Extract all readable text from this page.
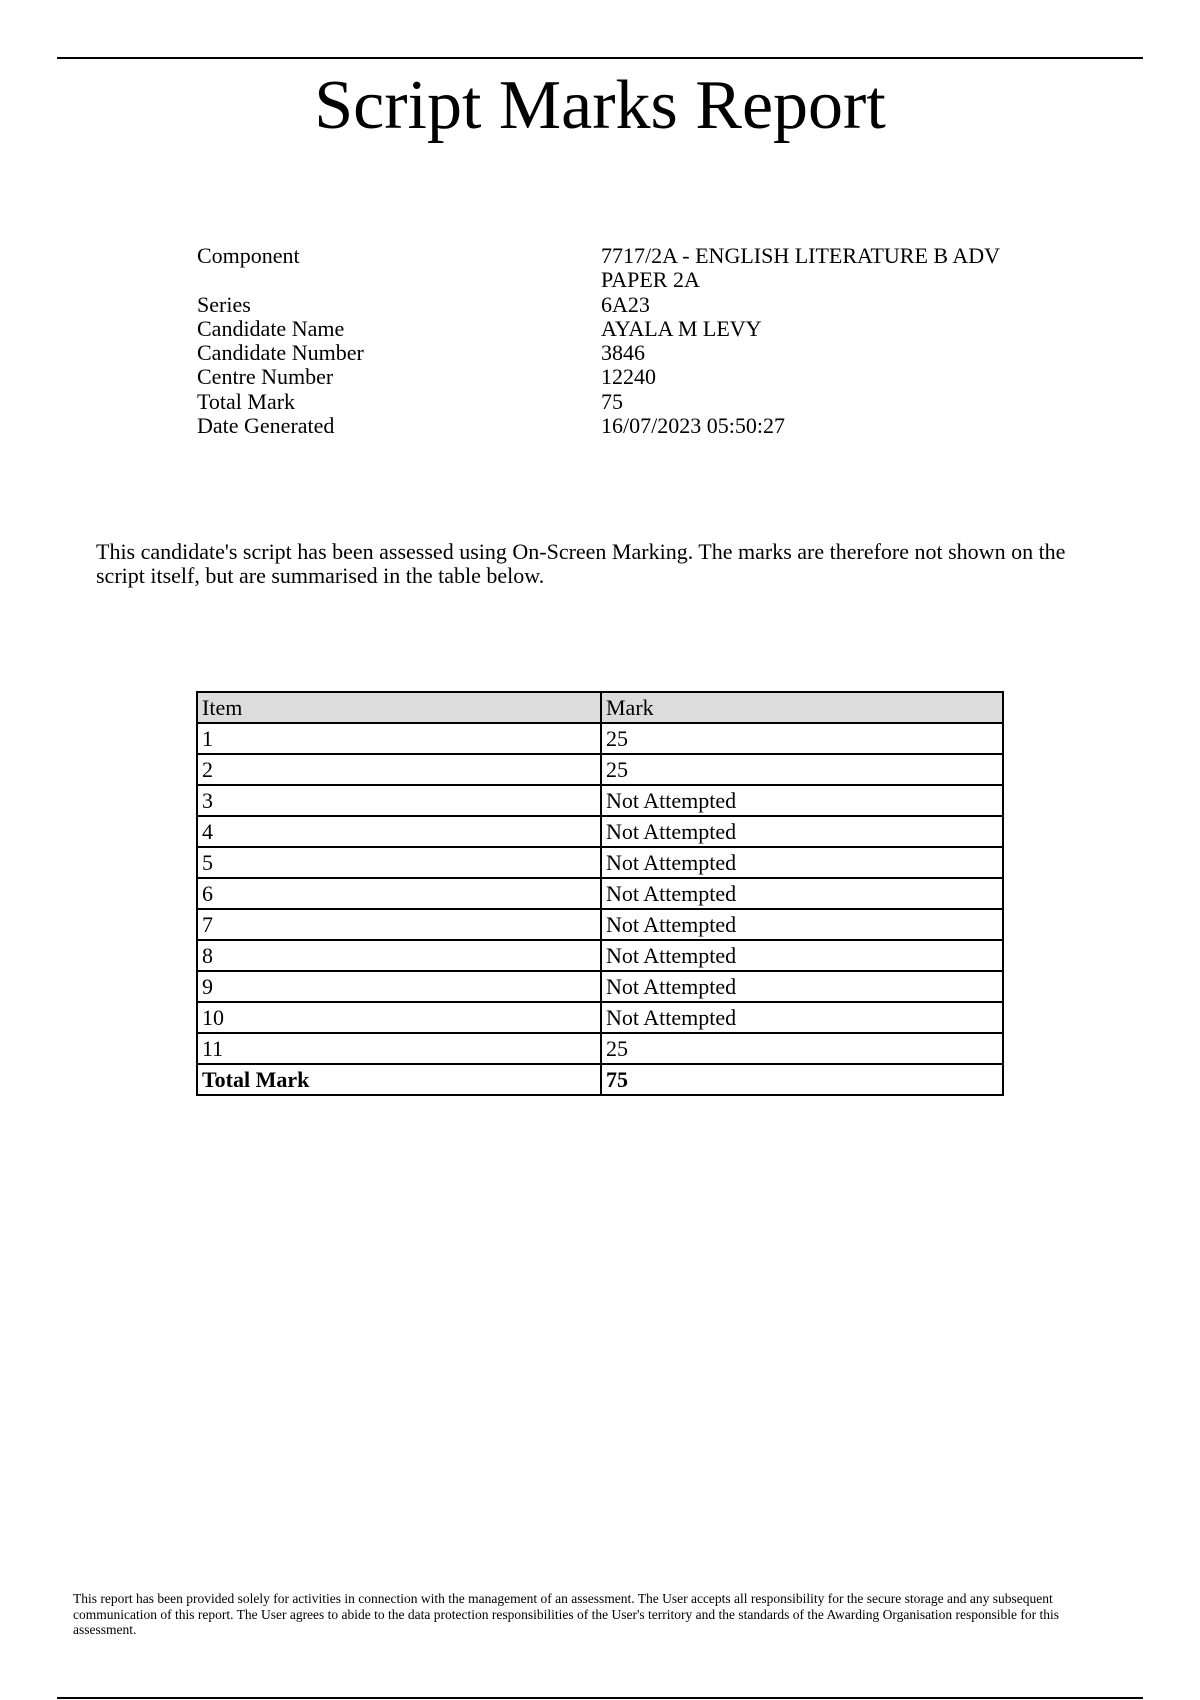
Script Marks Report
Component	7717/2A - ENGLISH LITERATURE B ADV PAPER 2A
Series	6A23
Candidate Name	AYALA M LEVY
Candidate Number	3846
Centre Number	12240
Total Mark	75
Date Generated	16/07/2023 05:50:27

This candidate's script has been assessed using On-Screen Marking. The marks are therefore not shown on the script itself, but are summarised in the table below.

Item	Mark
1	25
2	25
3	Not Attempted
4	Not Attempted
5	Not Attempted
6	Not Attempted
7	Not Attempted
8	Not Attempted
9	Not Attempted
10	Not Attempted
11	25
Total Mark	75

This report has been provided solely for activities in connection with the management of an assessment. The User accepts all responsibility for the secure storage and any subsequent communication of this report. The User agrees to abide to the data protection responsibilities of the User's territory and the standards of the Awarding Organisation responsible for this assessment.
